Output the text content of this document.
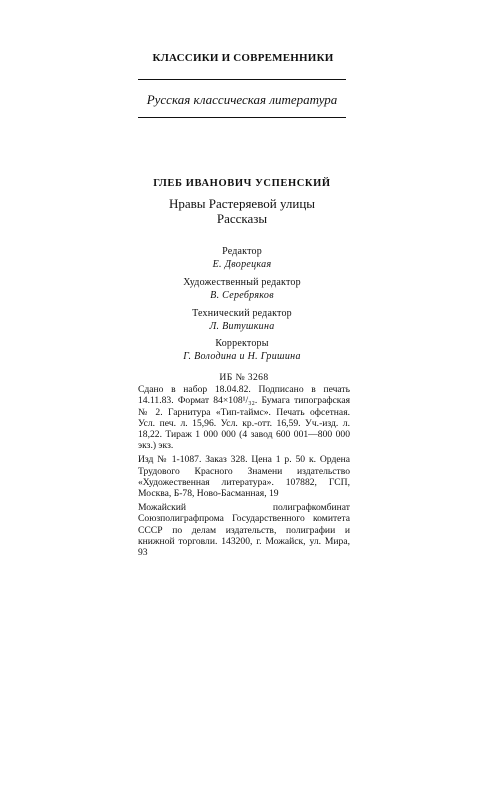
КЛАССИКИ И СОВРЕМЕННИКИ
Русская классическая литература
ГЛЕБ ИВАНОВИЧ УСПЕНСКИЙ
Нравы Растеряевой улицы
Рассказы
Редактор
Е. Дворецкая
Художественный редактор
В. Серебряков
Технический редактор
Л. Витушкина
Корректоры
Г. Володина и Н. Гришина
ИБ № 3268

Сдано в набор 18.04.82. Подписано в печать 14.11.83. Формат 84×108¹/₃₂. Бумага типографская № 2. Гарнитура «Тип-таймс». Печать офсетная. Усл. печ. л. 15,96. Усл. кр.-отт. 16,59. Уч.-изд. л. 18,22. Тираж 1 000 000 (4 завод 600 001—800 000 экз.) экз.

Изд № 1-1087. Заказ 328. Цена 1 р. 50 к. Ордена Трудового Красного Знамени издательство «Художественная литература». 107882, ГСП, Москва, Б-78, Ново-Басманная, 19

Можайский полиграфкомбинат Союзполиграфпрома Государственного комитета СССР по делам издательств, полиграфии и книжной торговли. 143200, г. Можайск, ул. Мира, 93
